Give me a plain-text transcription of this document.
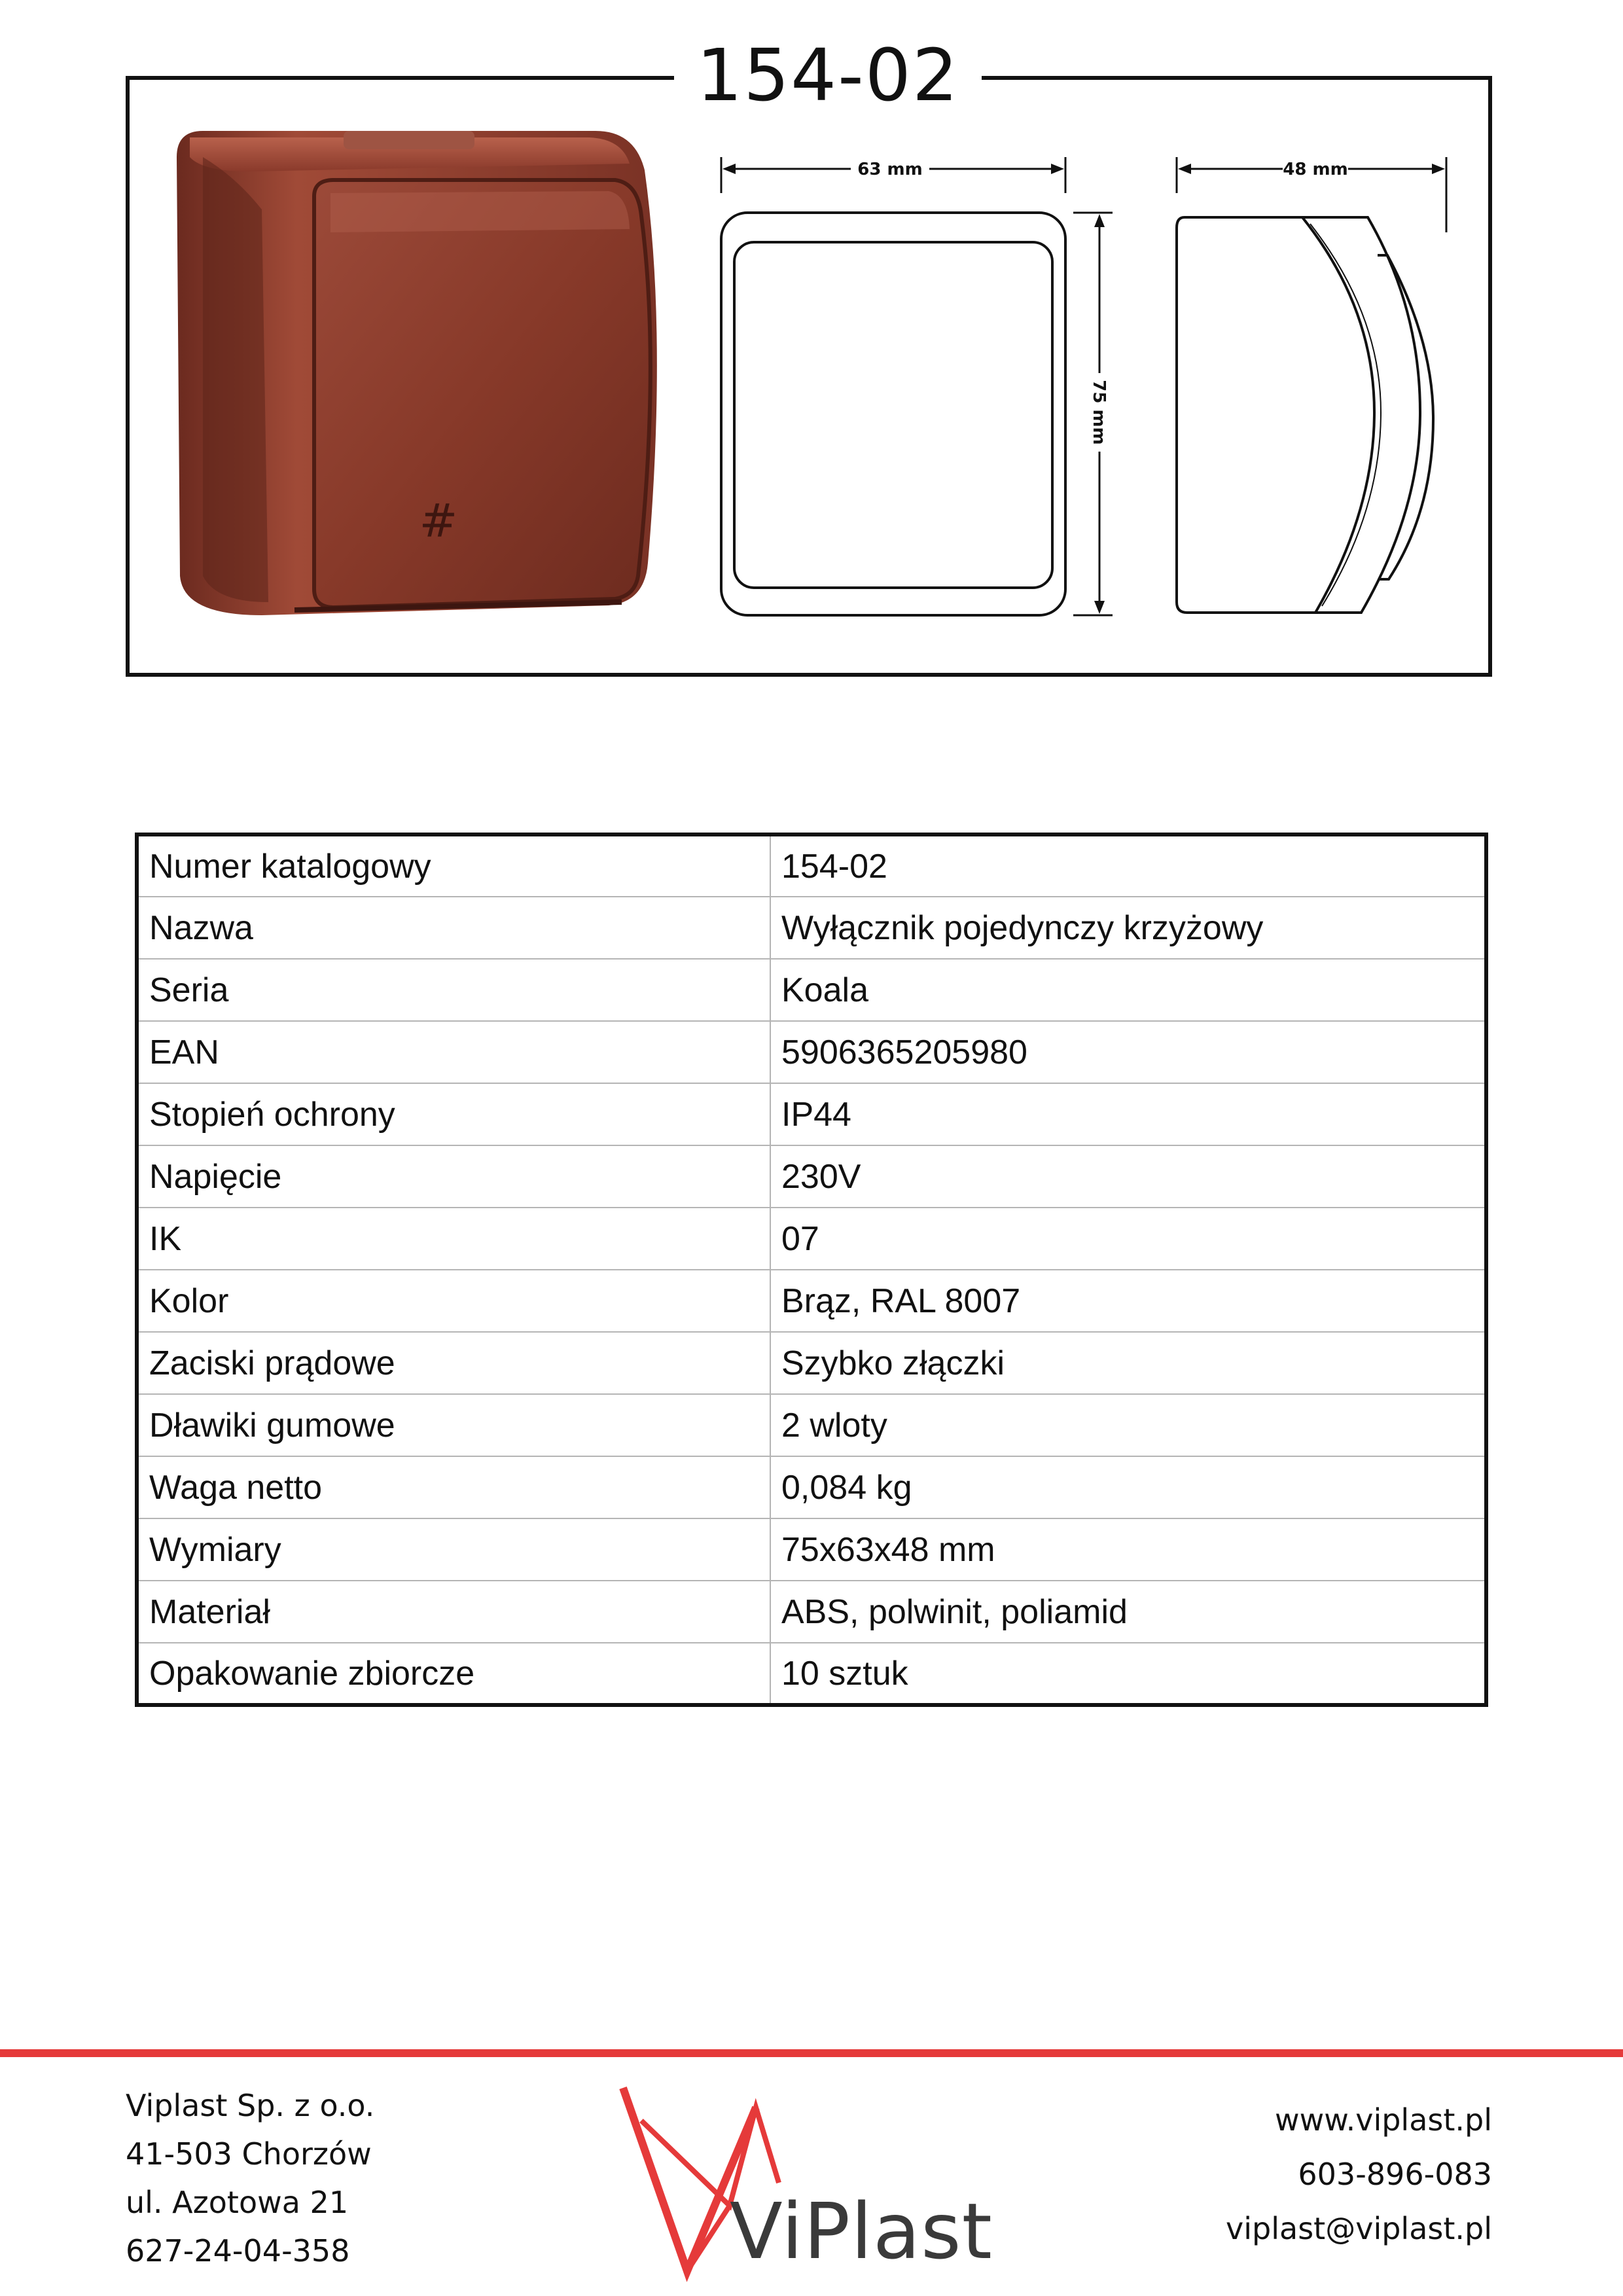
154-02
#
63 mm
75 mm
48 mm
Numer katalogowy	154-02
Nazwa	Wyłącznik pojedynczy krzyżowy
Seria	Koala
EAN	5906365205980
Stopień ochrony	IP44
Napięcie	230V
IK	07
Kolor	Brąz, RAL 8007
Zaciski prądowe	Szybko złączki
Dławiki gumowe	2 wloty
Waga netto	0,084 kg
Wymiary	75x63x48 mm
Materiał	ABS, polwinit, poliamid
Opakowanie zbiorcze	10 sztuk
Viplast Sp. z o.o.
41-503 Chorzów
ul. Azotowa 21
627-24-04-358	ViPlast
www.viplast.pl
603-896-083
viplast@viplast.pl
